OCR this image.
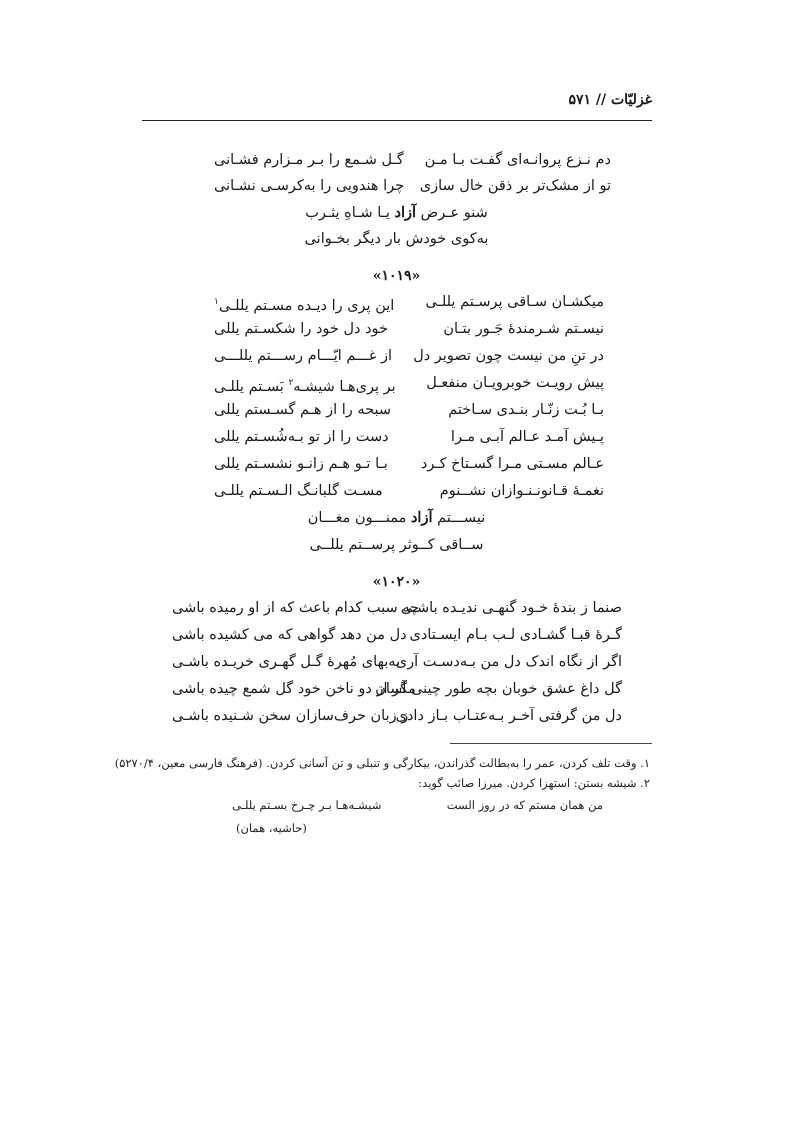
غزلیّات // ۵۷۱
دم نـزع پروانـه‌ای گفـت بـا مـن
گـل شـمع را بـر مـزارم فشـانی
تو از مشک‌تر بر ذقن خال سازی
چرا هندویی را به‌کرسـی نشـانی
شنو عـرض آزاد یـا شـاهِ یثـرب
به‌کوی خودش بار دیگر بخـوانی
«۱۰۱۹»
میکشـان سـاقی پرسـتم یللـی
این پری را دیـده مسـتم یللـی$^۱$
نیسـتم شـرمندهٔ جَـور بتـان
خود دل خود را شکسـتم یللی
در تنِ من نیست چون تصویر دل
از غـــم ایّـــام رســـتم یللـــی
پیش رویـت خوبرویـان منفعـل
بر پری‌هـا شیشـه$^۲$ بَسـتم یللـی
بـا بُـت زنّـار بنـدی سـاختم
سبحه را از هـم گسـستم یللی
پـیش آمـد عـالم آبـی مـرا
دست را از تو بـه‌شُسـتم یللی
عـالم مسـتی مـرا گسـتاخ کـرد
بـا تـو هـم زانـو نشسـتم یللی
نغمـهٔ قـانونـنـوازان نشــنوم
مسـت گلبانـگ الـسـتم یللـی
نیســـتم آزاد ممنـــون مغـــان
ســاقی کــوثر پرســتم یللــی
«۱۰۲۰»
صنما ز بندهٔ خـود گنهـی ندیـده باشـی
چه سبب کدام باعث که از او رمیده باشی
گـرهٔ قبـا گشـادی لـب بـام ایسـتادی
دل من دهد گواهی که می کشیده باشی
اگر از نگاه اندک دل من بـه‌دسـت آری
به‌بهای مُهرهٔ گـل گهـری خریـده باشـی
گل داغ عشق خوبان بچه طور چینی آسان
مگر از دو ناخن خود گل شمع چیده باشی
دل من گرفتی آخـر بـه‌عتـاب بـاز دادی
ز زبان حرف‌سازان سخن شـنیده باشـی
۱. وقت تلف کردن، عمر را به‌بطالت گذراندن، بیکارگی و تنبلی و تن آسانی کردن. (فرهنگ فارسی معین، ۵۲۷۰/۴)
۲. شیشه بستن: استهزا کردن. میرزا صائب گوید:
من همان مستم که در روز الست
شیشـه‌هـا بـر چـرخ بسـتم یللـی
(حاشیه، همان)
